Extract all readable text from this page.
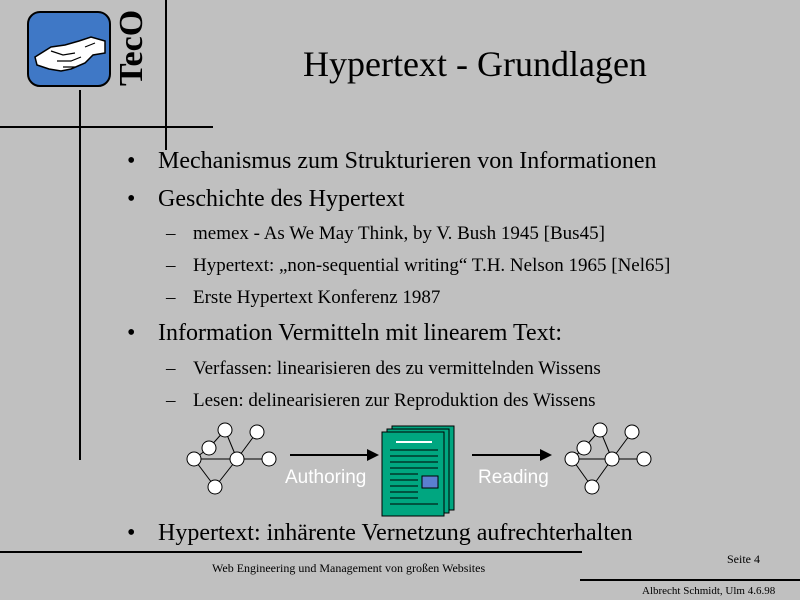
TecO	Hypertext - Grundlagen
• Mechanismus zum Strukturieren von Informationen
• Geschichte des Hypertext
– memex - As We May Think, by V. Bush 1945 [Bus45]
– Hypertext: „non-sequential writing“ T.H. Nelson 1965 [Nel65]
– Erste Hypertext Konferenz 1987
• Information Vermitteln mit linearem Text:
– Verfassen: linearisieren des zu vermittelnden Wissens
– Lesen: delinearisieren zur Reproduktion des Wissens
Authoring	Reading
• Hypertext: inhärente Vernetzung aufrechterhalten
Web Engineering und Management von großen Websites
Seite 4
Albrecht Schmidt, Ulm 4.6.98
